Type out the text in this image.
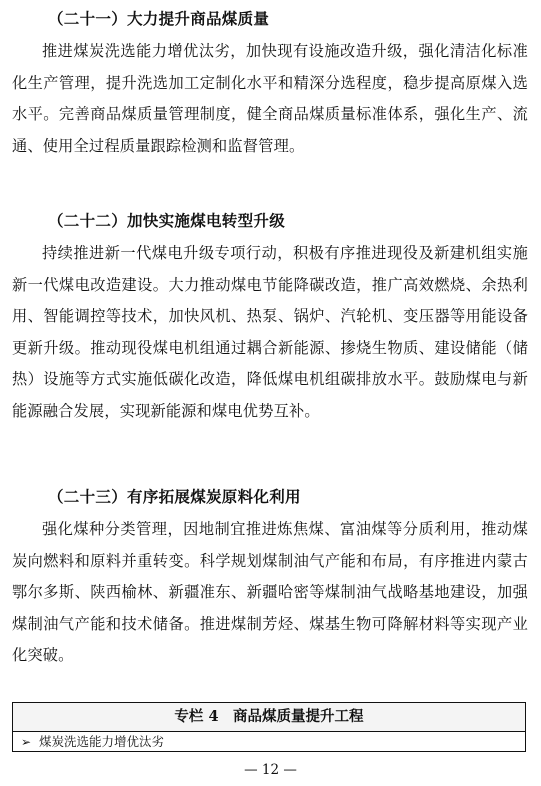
（二十一）大力提升商品煤质量
推进煤炭洗选能力增优汰劣，加快现有设施改造升级，强化清洁化标准化生产管理，提升洗选加工定制化水平和精深分选程度，稳步提高原煤入选水平。完善商品煤质量管理制度，健全商品煤质量标准体系，强化生产、流通、使用全过程质量跟踪检测和监督管理。
（二十二）加快实施煤电转型升级
持续推进新一代煤电升级专项行动，积极有序推进现役及新建机组实施新一代煤电改造建设。大力推动煤电节能降碳改造，推广高效燃烧、余热利用、智能调控等技术，加快风机、热泵、锅炉、汽轮机、变压器等用能设备更新升级。推动现役煤电机组通过耦合新能源、掺烧生物质、建设储能（储热）设施等方式实施低碳化改造，降低煤电机组碳排放水平。鼓励煤电与新能源融合发展，实现新能源和煤电优势互补。
（二十三）有序拓展煤炭原料化利用
强化煤种分类管理，因地制宜推进炼焦煤、富油煤等分质利用，推动煤炭向燃料和原料并重转变。科学规划煤制油气产能和布局，有序推进内蒙古鄂尔多斯、陕西榆林、新疆准东、新疆哈密等煤制油气战略基地建设，加强煤制油气产能和技术储备。推进煤制芳烃、煤基生物可降解材料等实现产业化突破。
专栏 4　商品煤质量提升工程
➢ 煤炭洗选能力增优汰劣
— 12 —
